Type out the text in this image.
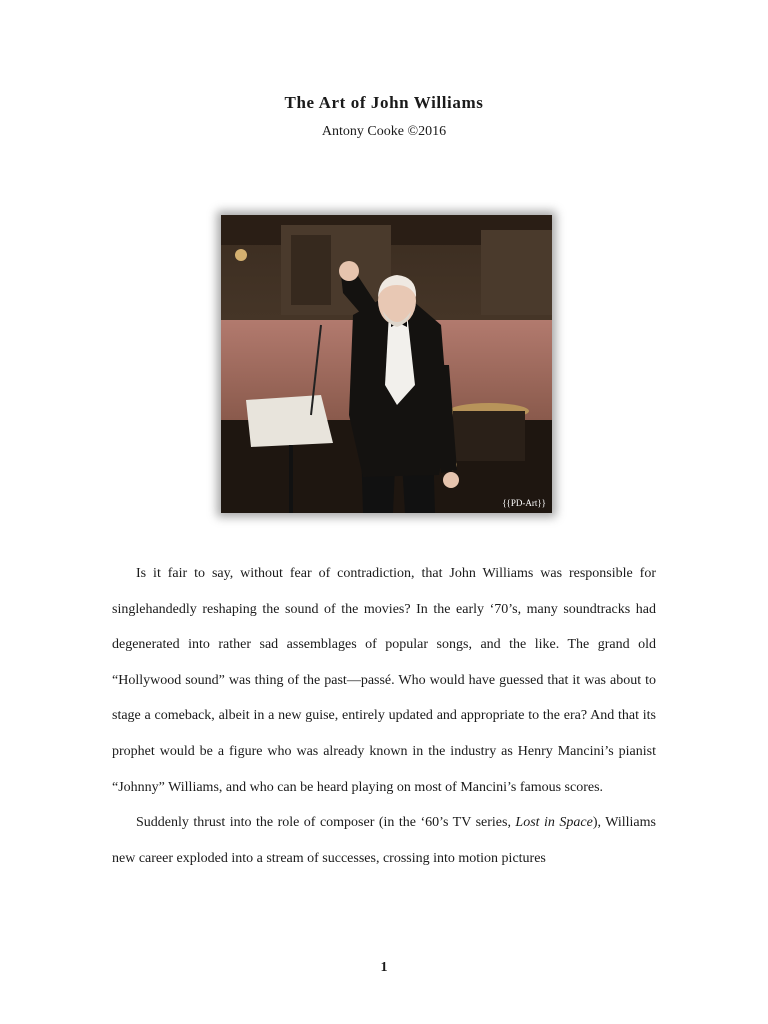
The Art of John Williams

Antony Cooke ©2016

{{PD-Art}}

Is it fair to say, without fear of contradiction, that John Williams was responsible for singlehandedly reshaping the sound of the movies? In the early ‘70’s, many soundtracks had degenerated into rather sad assemblages of popular songs, and the like. The grand old “Hollywood sound” was thing of the past—passé. Who would have guessed that it was about to stage a comeback, albeit in a new guise, entirely updated and appropriate to the era? And that its prophet would be a figure who was already known in the industry as Henry Mancini’s pianist “Johnny” Williams, and who can be heard playing on most of Mancini’s famous scores.

Suddenly thrust into the role of composer (in the ‘60’s TV series, Lost in Space), Williams new career exploded into a stream of successes, crossing into motion pictures

1
